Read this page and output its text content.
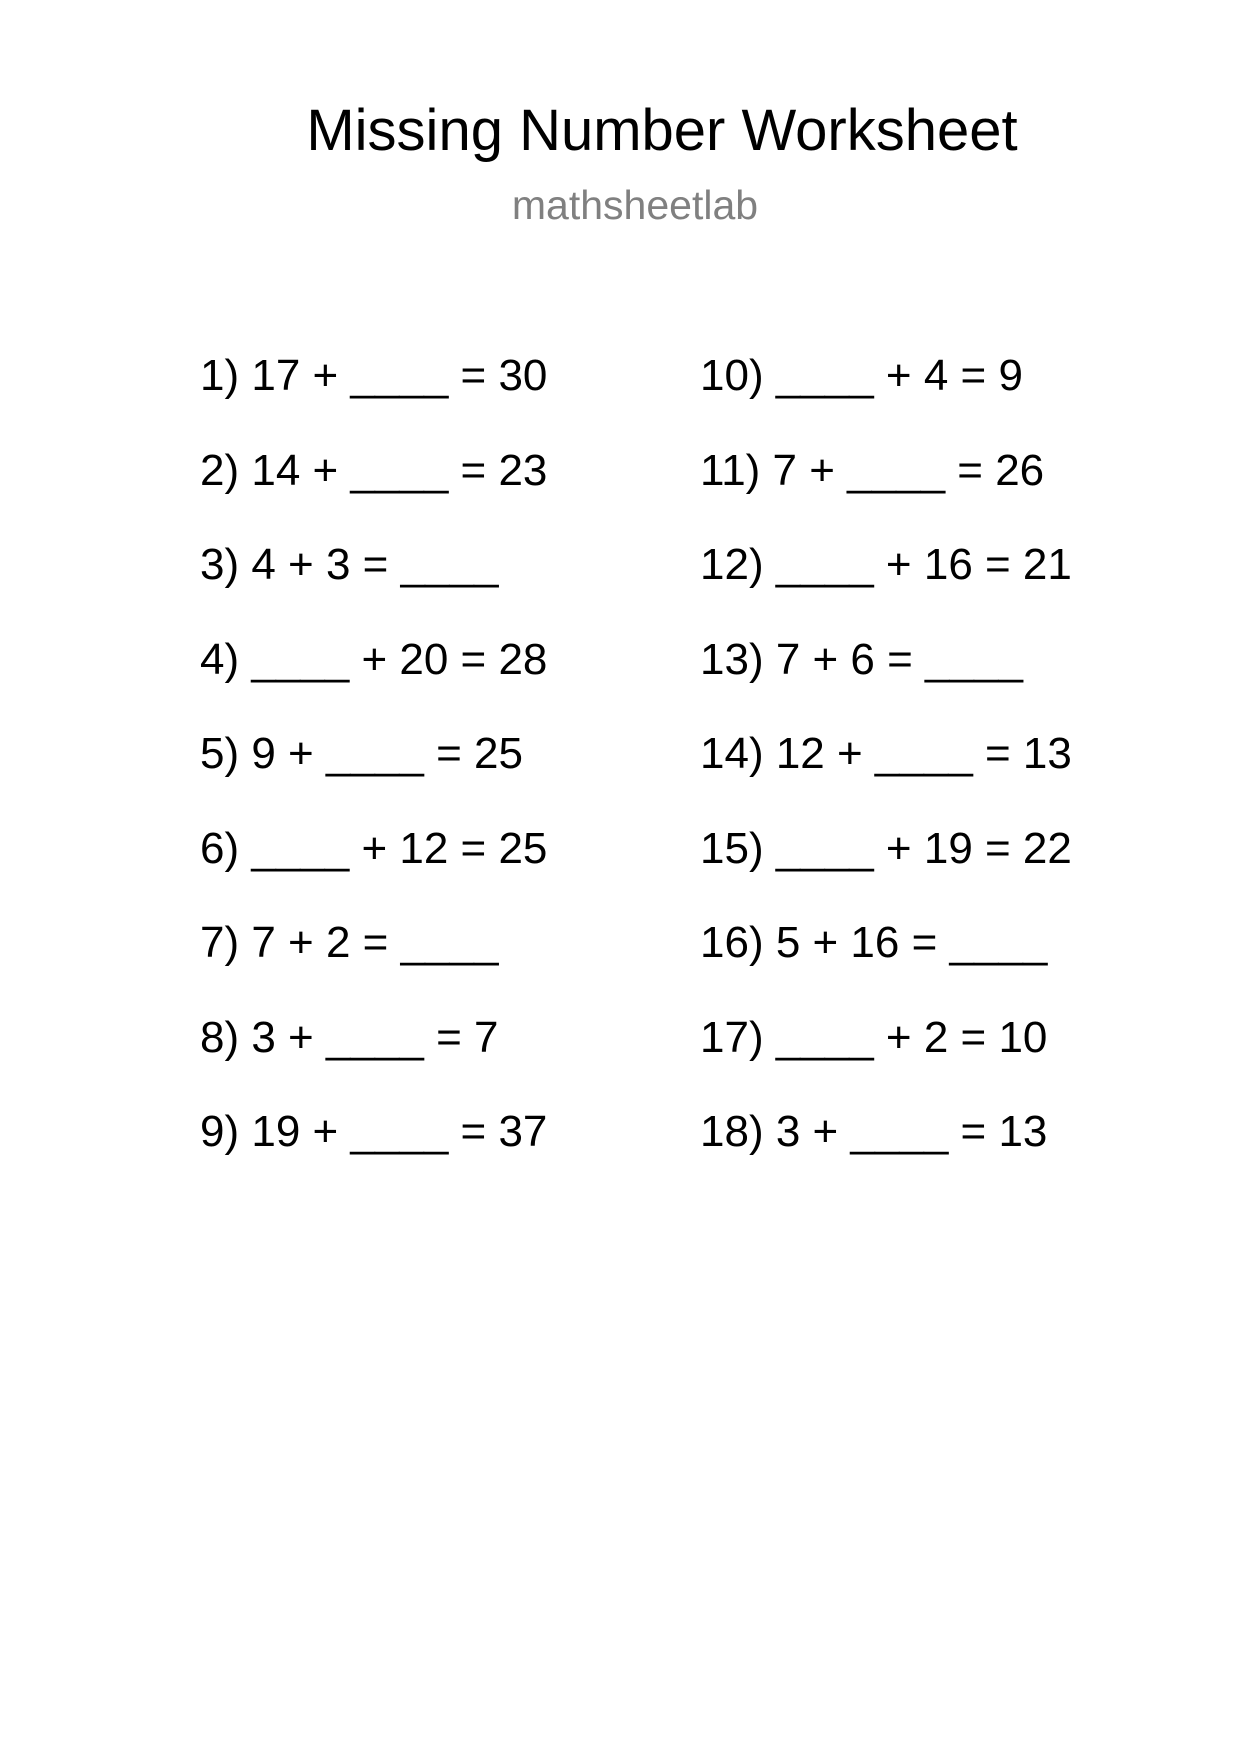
Missing Number Worksheet
mathsheetlab
1) 17 + ____ = 30
2) 14 + ____ = 23
3) 4 + 3 = ____
4) ____ + 20 = 28
5) 9 + ____ = 25
6) ____ + 12 = 25
7) 7 + 2 = ____
8) 3 + ____ = 7
9) 19 + ____ = 37
10) ____ + 4 = 9
11) 7 + ____ = 26
12) ____ + 16 = 21
13) 7 + 6 = ____
14) 12 + ____ = 13
15) ____ + 19 = 22
16) 5 + 16 = ____
17) ____ + 2 = 10
18) 3 + ____ = 13
